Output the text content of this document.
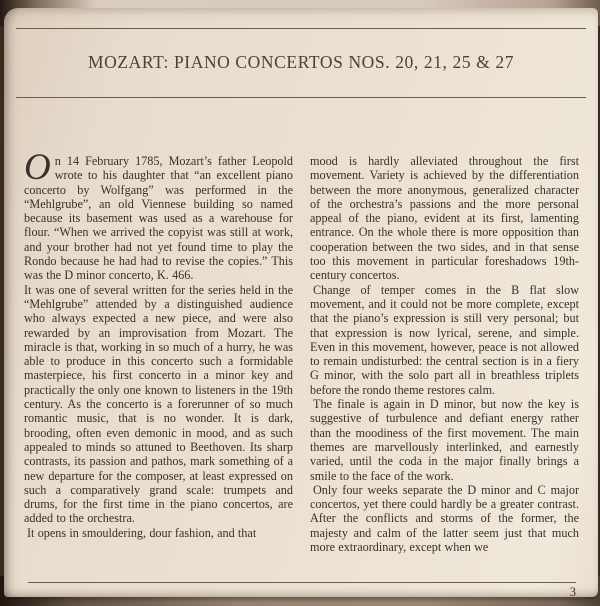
MOZART: PIANO CONCERTOS NOS. 20, 21, 25 & 27

On 14 February 1785, Mozart’s father Leopold wrote to his daughter that “an excellent piano concerto by Wolfgang” was performed in the “Mehlgrube”, an old Viennese building so named because its basement was used as a warehouse for flour. “When we arrived the copyist was still at work, and your brother had not yet found time to play the Rondo because he had had to revise the copies.” This was the D minor concerto, K. 466.

It was one of several written for the series held in the “Mehlgrube” attended by a distinguished audience who always expected a new piece, and were also rewarded by an improvisation from Mozart. The miracle is that, working in so much of a hurry, he was able to produce in this concerto such a formidable masterpiece, his first concerto in a minor key and practically the only one known to listeners in the 19th century. As the concerto is a forerunner of so much romantic music, that is no wonder. It is dark, brooding, often even demonic in mood, and as such appealed to minds so attuned to Beethoven. Its sharp contrasts, its passion and pathos, mark something of a new departure for the composer, at least expressed on such a comparatively grand scale: trumpets and drums, for the first time in the piano concertos, are added to the orchestra.

It opens in smouldering, dour fashion, and that

mood is hardly alleviated throughout the first movement. Variety is achieved by the differentiation between the more anonymous, generalized character of the orchestra’s passions and the more personal appeal of the piano, evident at its first, lamenting entrance. On the whole there is more opposition than cooperation between the two sides, and in that sense too this movement in particular foreshadows 19th-century concertos.

Change of temper comes in the B flat slow movement, and it could not be more complete, except that the piano’s expression is still very personal; but that expression is now lyrical, serene, and simple. Even in this movement, however, peace is not allowed to remain undisturbed: the central section is in a fiery G minor, with the solo part all in breathless triplets before the rondo theme restores calm.

The finale is again in D minor, but now the key is suggestive of turbulence and defiant energy rather than the moodiness of the first movement. The main themes are marvellously interlinked, and earnestly varied, until the coda in the major finally brings a smile to the face of the work.

Only four weeks separate the D minor and C major concertos, yet there could hardly be a greater contrast. After the conflicts and storms of the former, the majesty and calm of the latter seem just that much more extraordinary, except when we

3
